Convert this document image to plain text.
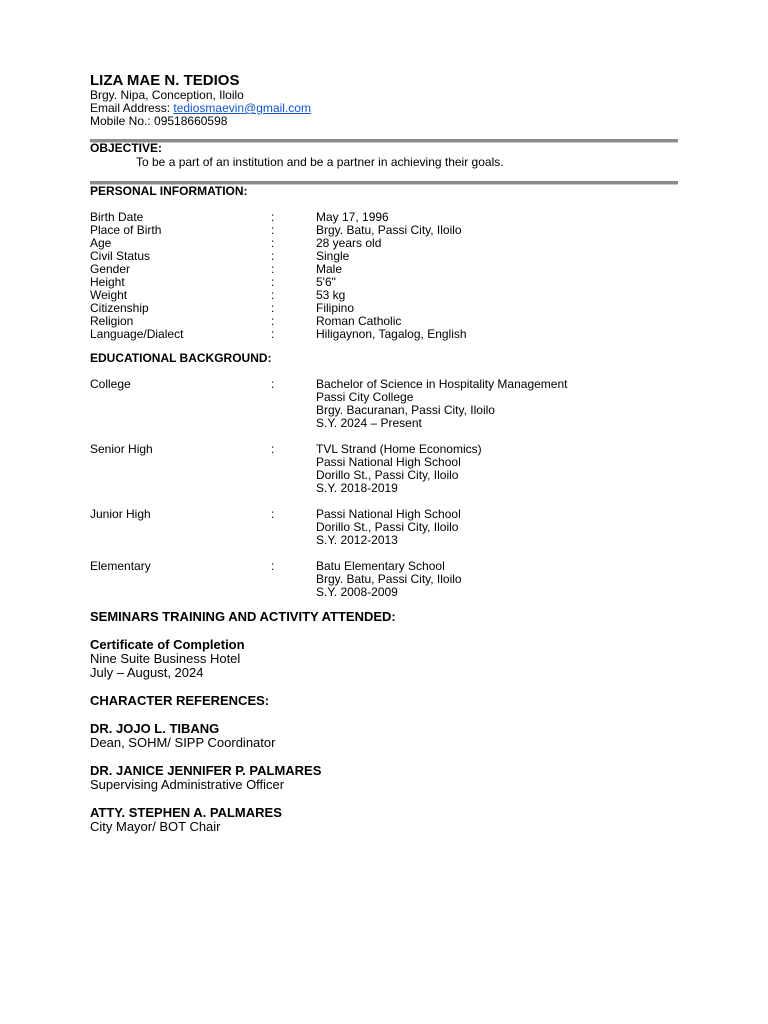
LIZA MAE N. TEDIOS
Brgy. Nipa, Conception, Iloilo
Email Address: tediosmaevin@gmail.com
Mobile No.: 09518660598
OBJECTIVE:
To be a part of an institution and be a partner in achieving their goals.
PERSONAL INFORMATION:
Birth Date	:	May 17, 1996
Place of Birth	:	Brgy. Batu, Passi City, Iloilo
Age	:	28 years old
Civil Status	:	Single
Gender	:	Male
Height	:	5'6"
Weight	:	53 kg
Citizenship	:	Filipino
Religion	:	Roman Catholic
Language/Dialect	:	Hiligaynon, Tagalog, English
EDUCATIONAL BACKGROUND:
College	:	Bachelor of Science in Hospitality Management
Passi City College
Brgy. Bacuranan, Passi City, Iloilo
S.Y. 2024 – Present
Senior High	:	TVL Strand (Home Economics)
Passi National High School
Dorillo St., Passi City, Iloilo
S.Y. 2018-2019
Junior High	:	Passi National High School
Dorillo St., Passi City, Iloilo
S.Y. 2012-2013
Elementary	:	Batu Elementary School
Brgy. Batu, Passi City, Iloilo
S.Y. 2008-2009
SEMINARS TRAINING AND ACTIVITY ATTENDED:
Certificate of Completion
Nine Suite Business Hotel
July – August, 2024
CHARACTER REFERENCES:
DR. JOJO L. TIBANG
Dean, SOHM/ SIPP Coordinator
DR. JANICE JENNIFER P. PALMARES
Supervising Administrative Officer
ATTY. STEPHEN A. PALMARES
City Mayor/ BOT Chair
